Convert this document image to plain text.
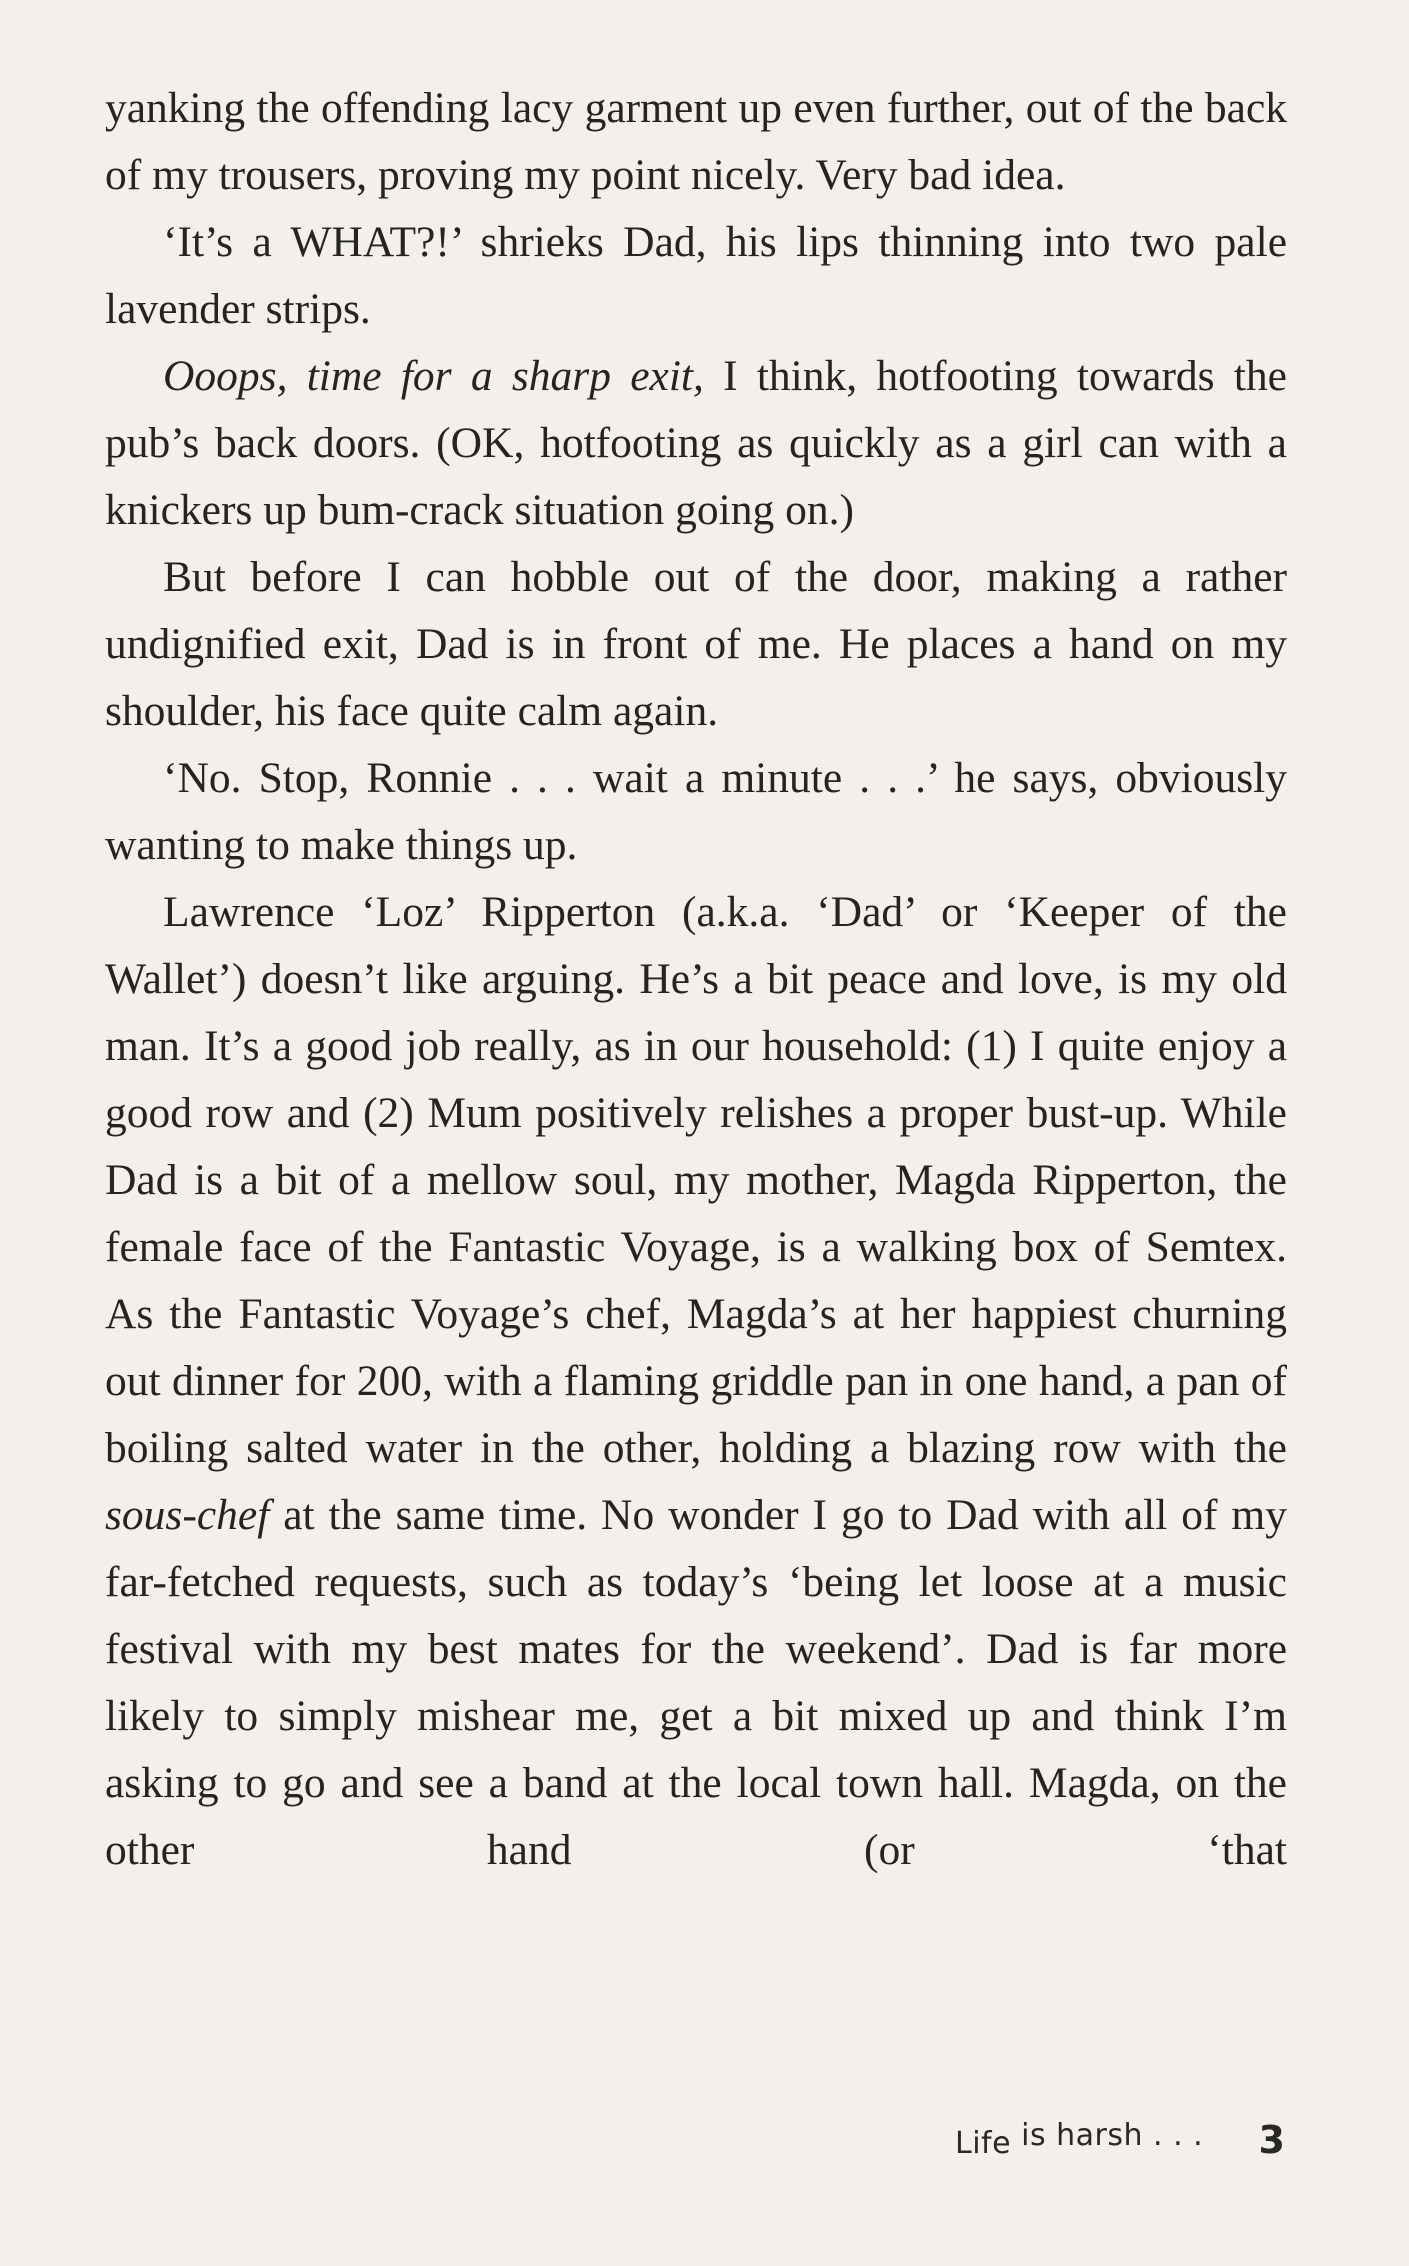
yanking the offending lacy garment up even further, out of the back of my trousers, proving my point nicely. Very bad idea.

‘It’s a WHAT?!’ shrieks Dad, his lips thinning into two pale lavender strips.

Ooops, time for a sharp exit, I think, hotfooting towards the pub’s back doors. (OK, hotfooting as quickly as a girl can with a knickers up bum-crack situation going on.)

But before I can hobble out of the door, making a rather undignified exit, Dad is in front of me. He places a hand on my shoulder, his face quite calm again.

‘No. Stop, Ronnie . . . wait a minute . . .’ he says, obviously wanting to make things up.

Lawrence ‘Loz’ Ripperton (a.k.a. ‘Dad’ or ‘Keeper of the Wallet’) doesn’t like arguing. He’s a bit peace and love, is my old man. It’s a good job really, as in our household: (1) I quite enjoy a good row and (2) Mum positively relishes a proper bust-up. While Dad is a bit of a mellow soul, my mother, Magda Ripperton, the female face of the Fantastic Voyage, is a walking box of Semtex. As the Fantastic Voyage’s chef, Magda’s at her happiest churning out dinner for 200, with a flaming griddle pan in one hand, a pan of boiling salted water in the other, holding a blazing row with the sous-chef at the same time. No wonder I go to Dad with all of my far-fetched requests, such as today’s ‘being let loose at a music festival with my best mates for the weekend’. Dad is far more likely to simply mishear me, get a bit mixed up and think I’m asking to go and see a band at the local town hall. Magda, on the other hand (or ‘that

Life is harsh . . . 3
